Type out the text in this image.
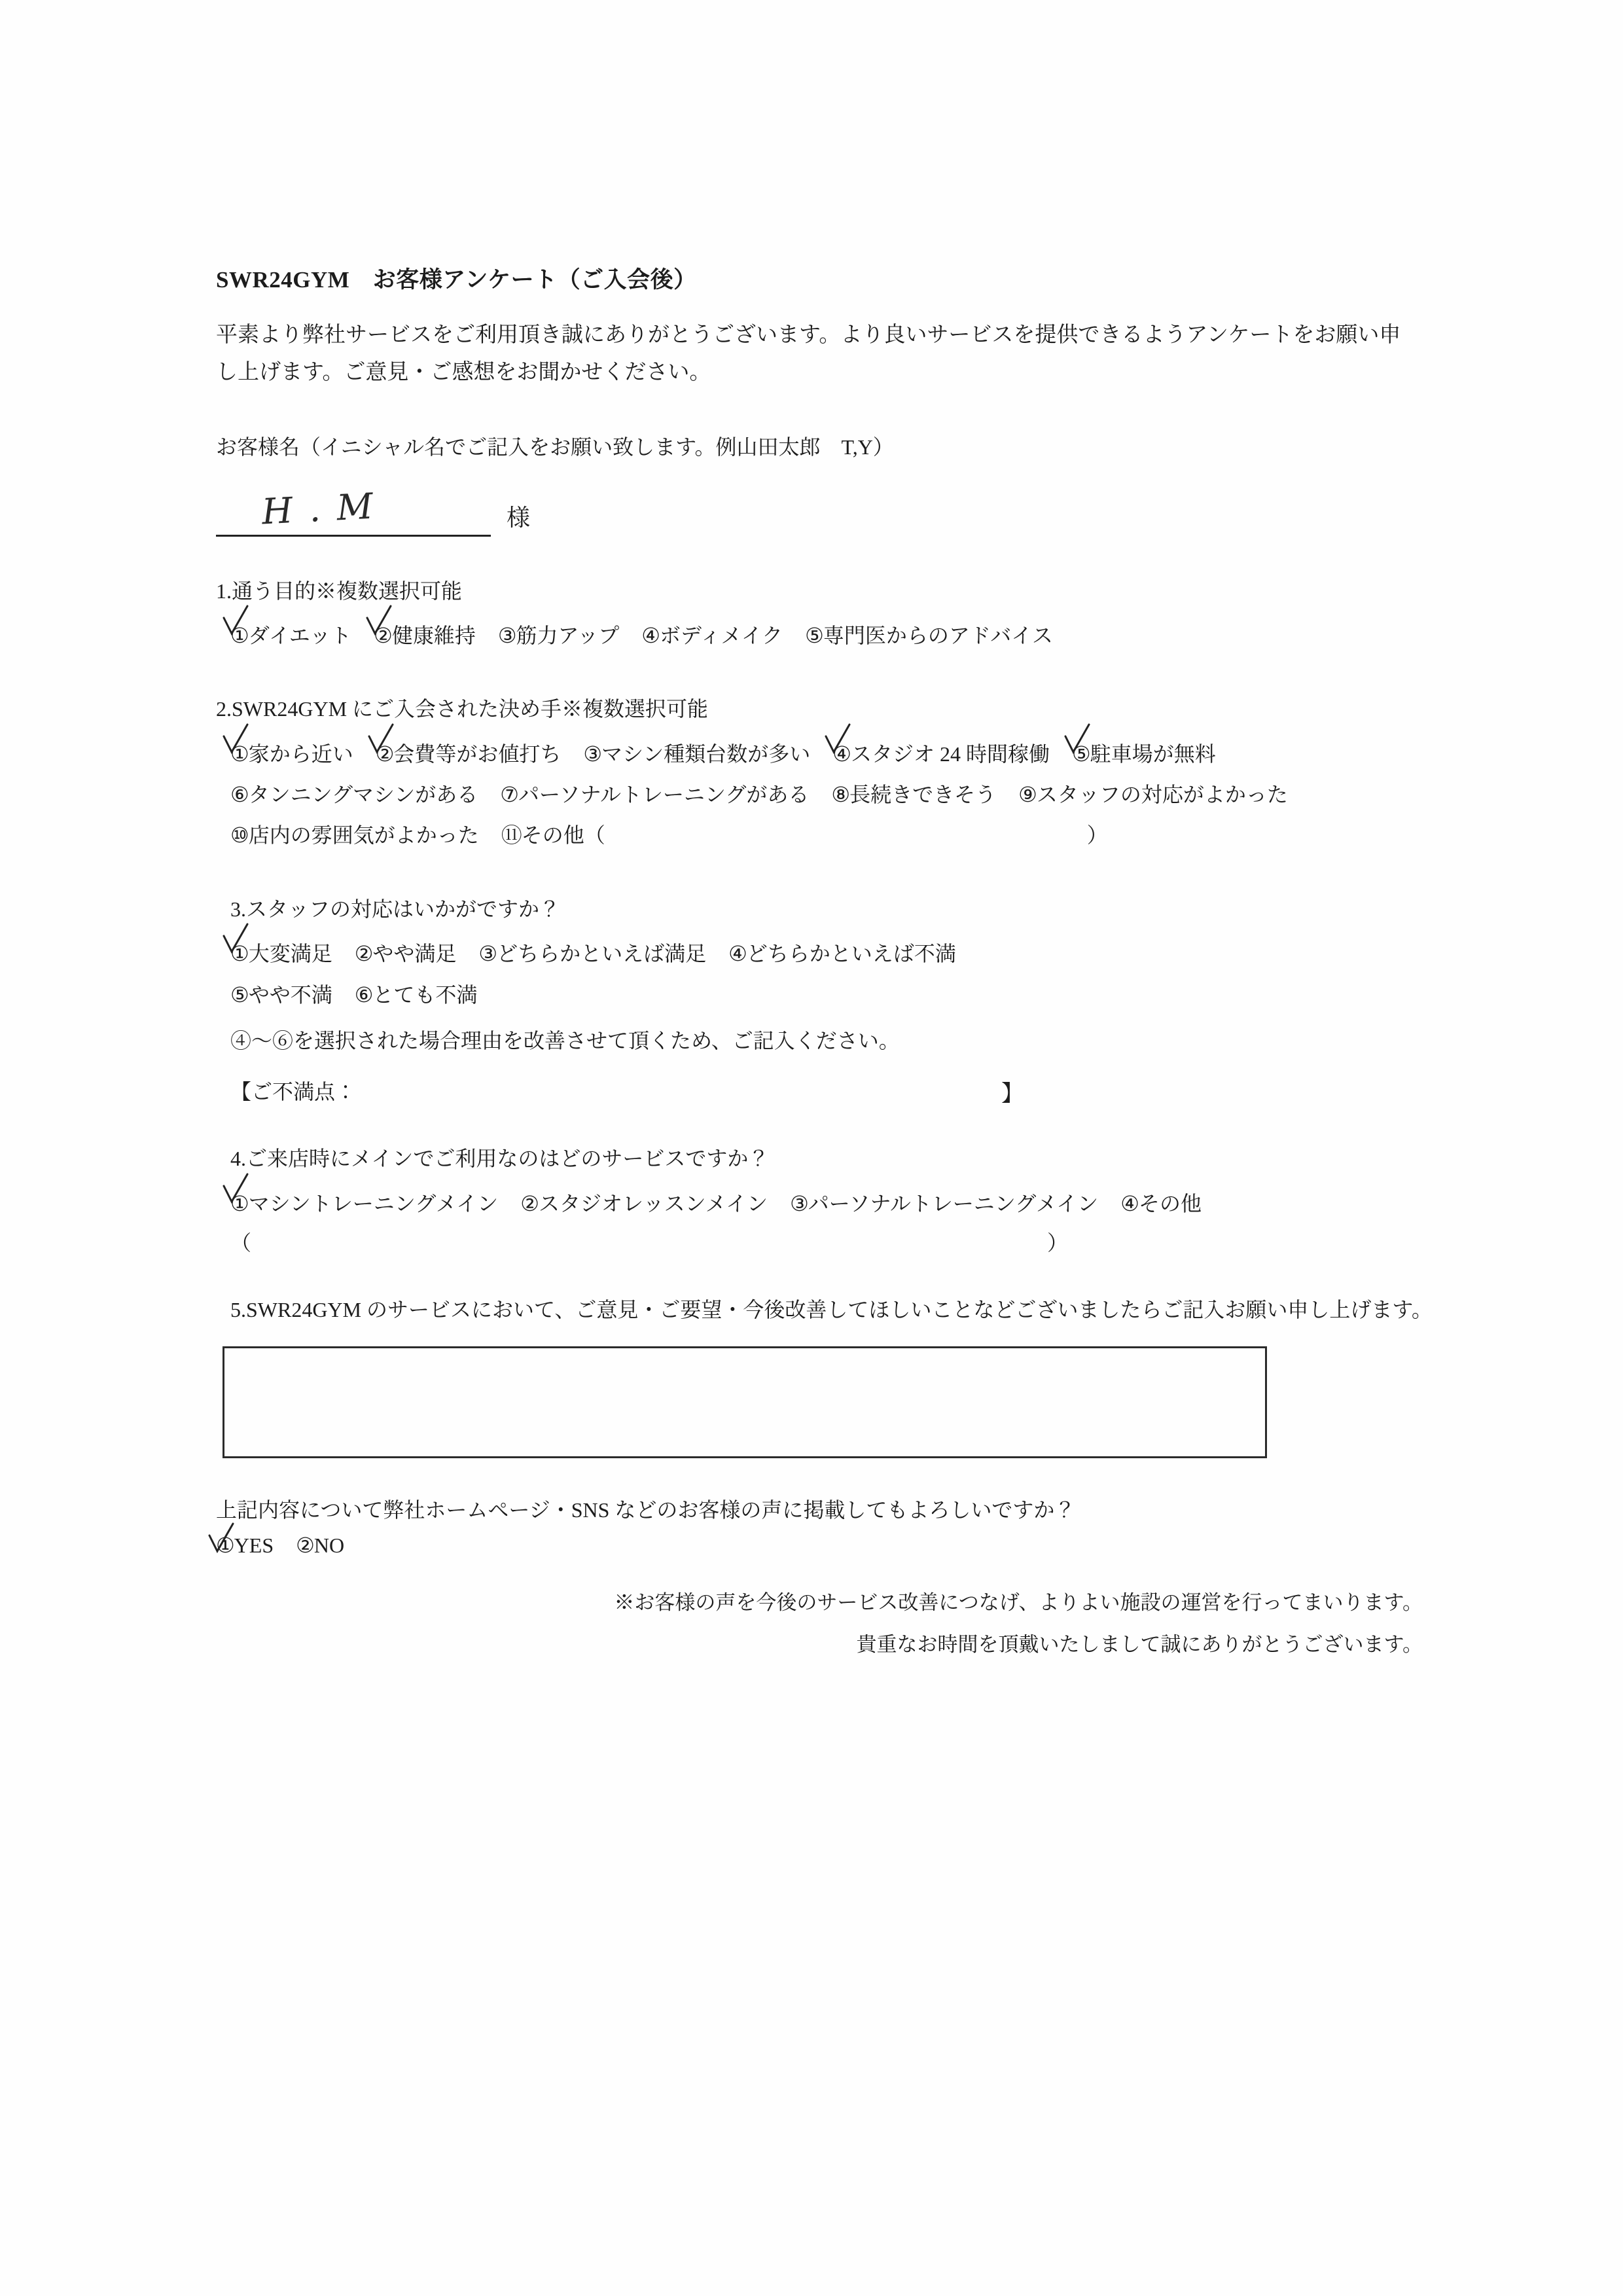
SWR24GYM　お客様アンケート（ご入会後）
平素より弊社サービスをご利用頂き誠にありがとうございます。より良いサービスを提供できるようアンケートをお願い申し上げます。ご意見・ご感想をお聞かせください。
お客様名（イニシャル名でご記入をお願い致します。例山田太郎　T,Y）
H . M	様
1.通う目的※複数選択可能
①ダイエット ②健康維持 ③筋力アップ ④ボディメイク ⑤専門医からのアドバイス
2.SWR24GYM にご入会された決め手※複数選択可能
①家から近い ②会費等がお値打ち ③マシン種類台数が多い ④スタジオ 24 時間稼働 ⑤駐車場が無料
⑥タンニングマシンがある ⑦パーソナルトレーニングがある ⑧長続きできそう ⑨スタッフの対応がよかった
⑩店内の雰囲気がよかった ⑪その他（　　　　　　　　　　　　　　　　　　　　　　　）
3.スタッフの対応はいかがですか？
①大変満足 ②やや満足 ③どちらかといえば満足 ④どちらかといえば不満
⑤やや不満 ⑥とても不満
④～⑥を選択された場合理由を改善させて頂くため、ご記入ください。
【ご不満点：	】
4.ご来店時にメインでご利用なのはどのサービスですか？
①マシントレーニングメイン ②スタジオレッスンメイン ③パーソナルトレーニングメイン ④その他
（　　　　　　　　　　　　　　　　　　　　　　　　　　　　　　　　　　　　　　）
5.SWR24GYM のサービスにおいて、ご意見・ご要望・今後改善してほしいことなどございましたらご記入お願い申し上げます。
上記内容について弊社ホームページ・SNS などのお客様の声に掲載してもよろしいですか？
①YES ②NO
※お客様の声を今後のサービス改善につなげ、よりよい施設の運営を行ってまいります。
貴重なお時間を頂戴いたしまして誠にありがとうございます。
